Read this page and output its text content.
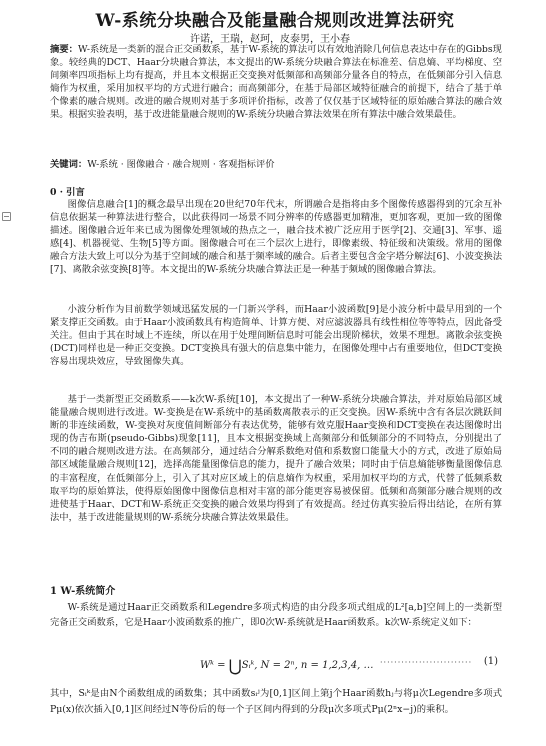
W-系统分块融合及能量融合规则改进算法研究
许诺，王瑞，赵珂，皮泰男，王小春
摘要：W-系统是一类新的混合正交函数系，基于W-系统的算法可以有效地消除几何信息表达中存在的Gibbs现象。较经典的DCT、Haar分块融合算法，本文提出的W-系统分块融合算法在标准差、信息熵、平均梯度、空间频率四项指标上均有提高，并且本文根据正交变换对低频部和高频部分量各自的特点，在低频部分引入信息熵作为权重，采用加权平均的方式进行融合；而高频部分，在基于局部区域特征融合的前提下，结合了基于单个像素的融合规则。改进的融合规则对基于多项评价指标，改善了仅仅基于区域特征的原始融合算法的融合效果。根据实验表明，基于改进能量融合规则的W-系统分块融合算法效果在所有算法中融合效果最佳。
关键词：W-系统 · 图像融合 · 融合规则 · 客观指标评价
0 · 引言
图像信息融合[1]的概念最早出现在20世纪70年代末，所谓融合是指将由多个图像传感器得到的冗余互补信息依据某一种算法进行整合，以此获得同一场景不同分辨率的传感器更加精准，更加客观，更加一致的图像描述。图像融合近年来已成为图像处理领域的热点之一，融合技术被广泛应用于医学[2]、交通[3]、军事、遥感[4]、机器视觉、生物[5]等方面。图像融合可在三个层次上进行，即像素级、特征级和决策级。常用的图像融合方法大致上可以分为基于空间域的融合和基于频率域的融合。后者主要包含金字塔分解法[6]、小波变换法[7]、离散余弦变换[8]等。本文提出的W-系统分块融合算法正是一种基于频域的图像融合算法。
小波分析作为目前数学领域迅猛发展的一门新兴学科，而Haar小波函数[9]是小波分析中最早用到的一个紧支撑正交函数。由于Haar小波函数具有构造简单、计算方便、对应滤波器具有线性相位等等特点，因此备受关注。但由于其在时域上不连续，所以在用于处理间断信息时可能会出现阶梯状，效果不理想。离散余弦变换(DCT)同样也是一种正交变换。DCT变换具有强大的信息集中能力，在图像处理中占有重要地位，但DCT变换容易出现块效应，导致图像失真。
基于一类新型正交函数系——k次W-系统[10]，本文提出了一种W-系统分块融合算法，并对原始局部区域能量融合规则进行改进。W-变换是在W-系统中的基函数离散表示的正交变换。因W-系统中含有各层次跳跃间断的非连续函数，W-变换对灰度值间断部分有表达优势，能够有效克服Haar变换和DCT变换在表达图像时出现的伪吉布斯(pseudo-Gibbs)现象[11]，且本文根据变换域上高频部分和低频部分的不同特点，分别提出了不同的融合规则改进方法。在高频部分，通过结合分解系数绝对值和系数窗口能量大小的方式，改进了原始局部区域能量融合规则[12]，选择高能量图像信息的能力，提升了融合效果；同时由于信息熵能够衡量图像信息的丰富程度，在低频部分上，引入了其对应区域上的信息熵作为权重，采用加权平均的方式，代替了低频系数取平均的原始算法，使得原始图像中图像信息相对丰富的部分能更容易被保留。低频和高频部分融合规则的改进使基于Haar、DCT和W-系统正交变换的融合效果均得到了有效提高。经过仿真实验后得出结论，在所有算法中，基于改进能量规则的W-系统分块融合算法效果最佳。
1 W-系统简介
W-系统是通过Haar正交函数系和Legendre多项式构造的由分段多项式组成的L²[a,b]空间上的一类新型完备正交函数系，它是Haar小波函数系的推广，即0次W-系统就是Haar函数系。k次W-系统定义如下：
Wᵏ = ⋃Sᵢᵏ, N = 2ⁿ, n = 1,2,3,4, … ·························· (1)
其中，Sᵢᵏ是由N个函数组成的函数集；其中函数sᵢʲ为[0,1]区间上第j个Haar函数hⱼ与将μ次Legendre多项式Pμ(x)依次插入[0,1]区间经过N等份后的每一个子区间内得到的分段μ次多项式Pμ(2ⁿx−j)的乘积。
